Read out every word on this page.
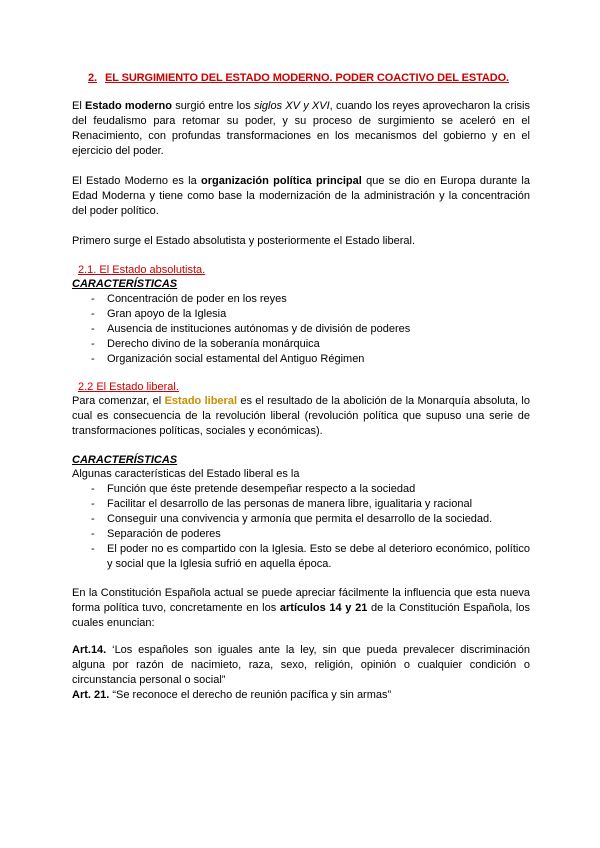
2. EL SURGIMIENTO DEL ESTADO MODERNO. PODER COACTIVO DEL ESTADO.

El Estado moderno surgió entre los siglos XV y XVI, cuando los reyes aprovecharon la crisis del feudalismo para retomar su poder, y su proceso de surgimiento se aceleró en el Renacimiento, con profundas transformaciones en los mecanismos del gobierno y en el ejercicio del poder.

El Estado Moderno es la organización política principal que se dio en Europa durante la Edad Moderna y tiene como base la modernización de la administración y la concentración del poder político.

Primero surge el Estado absolutista y posteriormente el Estado liberal.
2.1. El Estado absolutista.
CARACTERÍSTICAS
- Concentración de poder en los reyes
- Gran apoyo de la Iglesia
- Ausencia de instituciones autónomas y de división de poderes
- Derecho divino de la soberanía monárquica
- Organización social estamental del Antiguo Régimen
2.2 El Estado liberal.

Para comenzar, el Estado liberal es el resultado de la abolición de la Monarquía absoluta, lo cual es consecuencia de la revolución liberal (revolución política que supuso una serie de transformaciones políticas, sociales y económicas).

CARACTERÍSTICAS
Algunas características del Estado liberal es la
- Función que éste pretende desempeñar respecto a la sociedad
- Facilitar el desarrollo de las personas de manera libre, igualitaria y racional
- Conseguir una convivencia y armonía que permita el desarrollo de la sociedad.
- Separación de poderes
- El poder no es compartido con la Iglesia. Esto se debe al deterioro económico, político y social que la Iglesia sufrió en aquella época.

En la Constitución Española actual se puede apreciar fácilmente la influencia que esta nueva forma política tuvo, concretamente en los artículos 14 y 21 de la Constitución Española, los cuales enuncian:

Art.14. ‘Los españoles son iguales ante la ley, sin que pueda prevalecer discriminación alguna por razón de nacimieto, raza, sexo, religión, opinión o cualquier condición o circunstancia personal o social”

Art. 21. “Se reconoce el derecho de reunión pacífica y sin armas”
